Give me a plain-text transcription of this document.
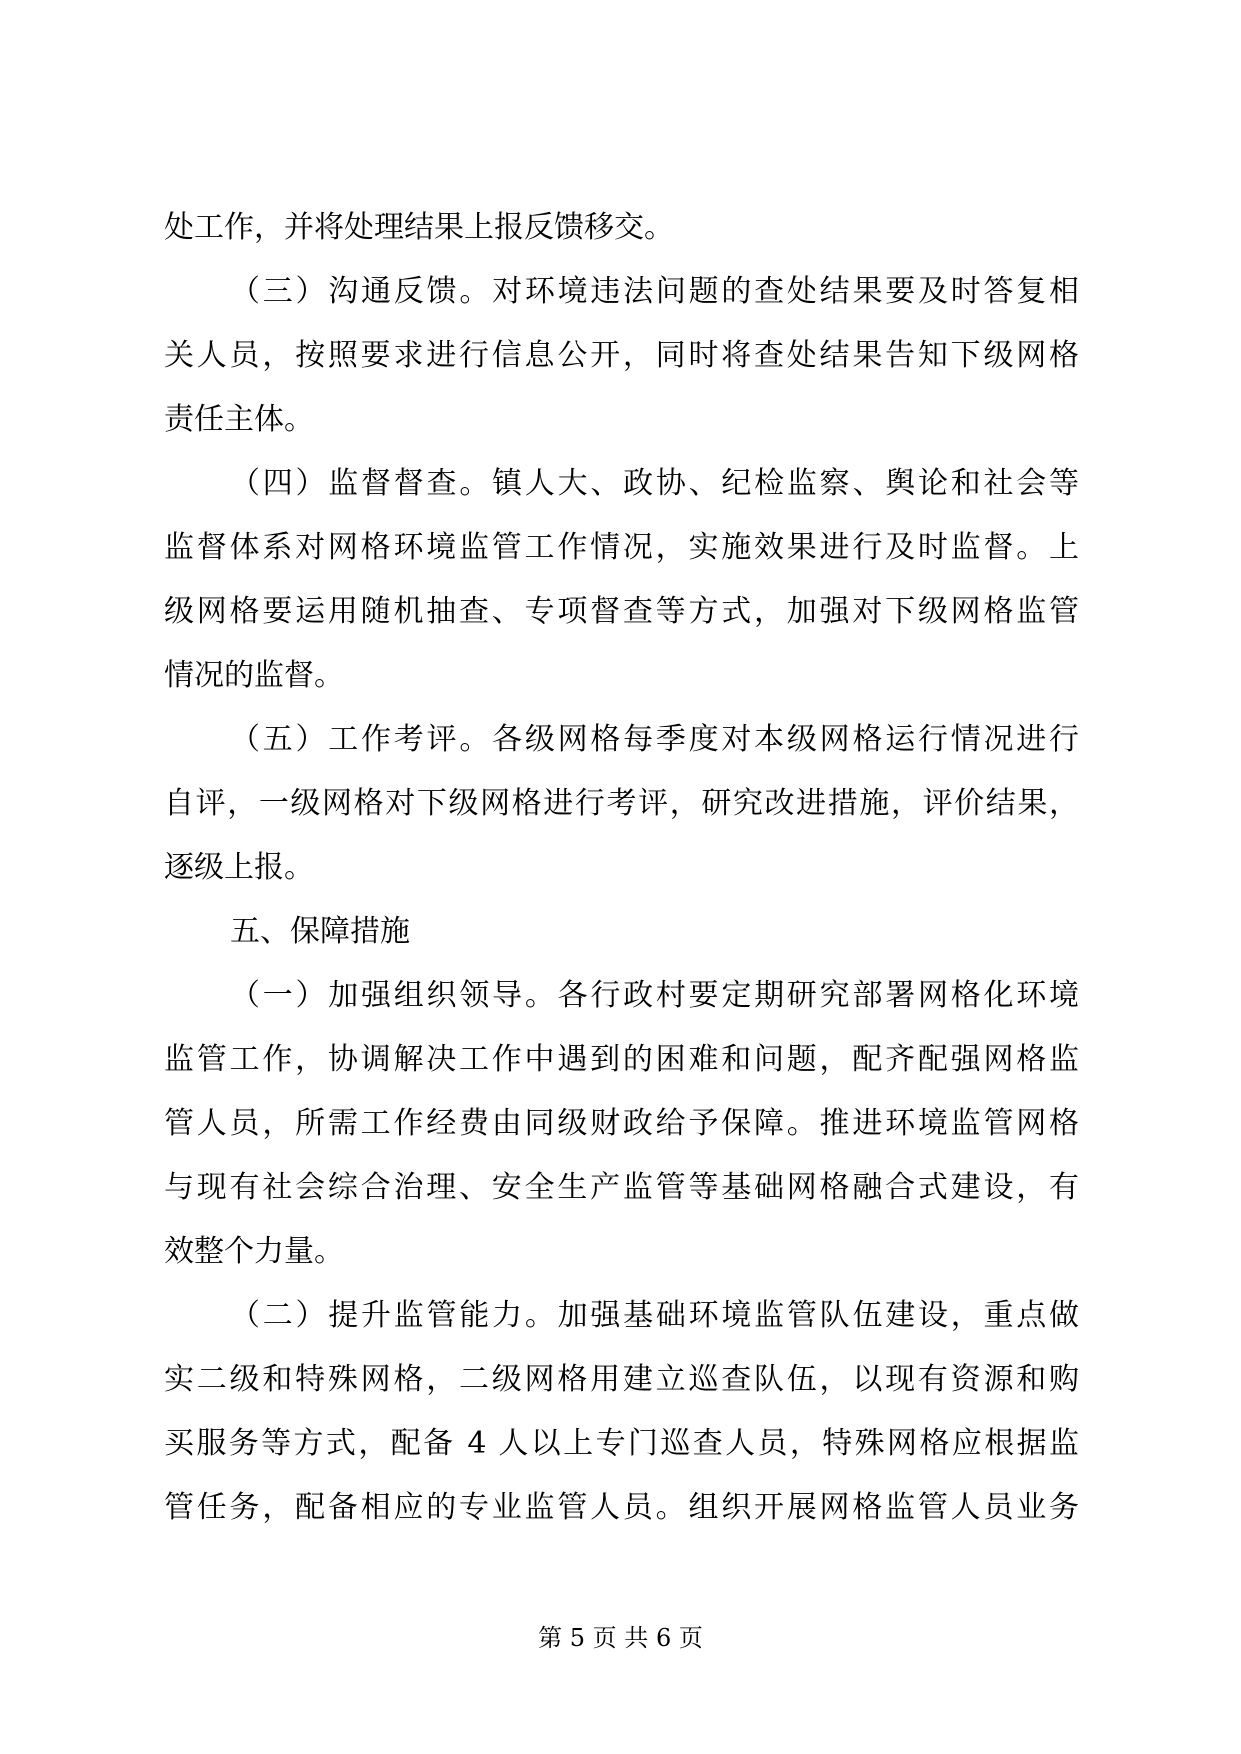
处工作，并将处理结果上报反馈移交。
（三）沟通反馈。对环境违法问题的查处结果要及时答复相
关人员，按照要求进行信息公开，同时将查处结果告知下级网格
责任主体。
（四）监督督查。镇人大、政协、纪检监察、舆论和社会等
监督体系对网格环境监管工作情况，实施效果进行及时监督。上
级网格要运用随机抽查、专项督查等方式，加强对下级网格监管
情况的监督。
（五）工作考评。各级网格每季度对本级网格运行情况进行
自评，一级网格对下级网格进行考评，研究改进措施，评价结果，
逐级上报。
五、保障措施
（一）加强组织领导。各行政村要定期研究部署网格化环境
监管工作，协调解决工作中遇到的困难和问题，配齐配强网格监
管人员，所需工作经费由同级财政给予保障。推进环境监管网格
与现有社会综合治理、安全生产监管等基础网格融合式建设，有
效整个力量。
（二）提升监管能力。加强基础环境监管队伍建设，重点做
实二级和特殊网格，二级网格用建立巡查队伍，以现有资源和购
买服务等方式，配备 4 人以上专门巡查人员，特殊网格应根据监
管任务，配备相应的专业监管人员。组织开展网格监管人员业务
第 5 页 共 6 页
